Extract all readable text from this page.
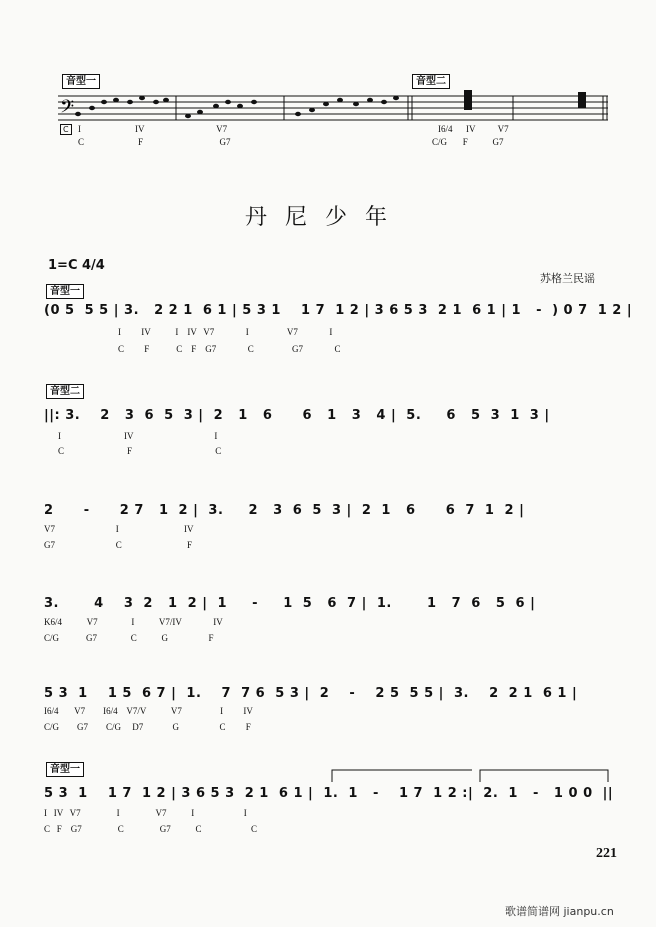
音型一	音型二
𝄢
C	I                        IV                                V7	I6/4      IV          V7
C                        F                                  G7	C/G       F           G7
丹尼少年
1=C 4/4
苏格兰民谣
音型一
(0 5  5 5 | 3.   2 2 1  6 1 | 5 3 1    1 7  1 2 | 3 6 5 3  2 1  6 1 | 1   -  ) 0 7  1 2 |
I         IV           I    IV   V7              I                 V7              I
C         F            C    F    G7              C                 G7              C
音型二
||: 3.    2   3  6  5  3 |  2   1   6      6   1   3   4 |  5.     6   5  3  1  3 |
I                            IV                                    I
C                            F                                     C
2      -      2 7   1  2 |  3.     2   3  6  5  3 |  2  1   6      6  7  1  2 |
V7                           I                             IV
G7                           C                             F
3.       4    3  2   1  2 |  1     -     1  5   6  7 |  1.       1   7  6   5  6 |
K6/4           V7               I           V7/IV              IV
C/G            G7               C           G                  F
5 3  1    1 5  6 7 |  1.    7  7 6  5 3 |  2    -    2 5  5 5 |  3.    2  2 1  6 1 |
I6/4       V7        I6/4    V7/V           V7                 I         IV
C/G        G7        C/G     D7             G                  C         F
音型一
5 3  1    1 7  1 2 | 3 6 5 3  2 1  6 1 |  1.  1   -    1 7  1 2 :|  2.  1   -   1 0 0  ||
I   IV   V7                I                V7           I                      I
C   F    G7                C                G7           C                      C
221
歌谱简谱网 jianpu.cn
